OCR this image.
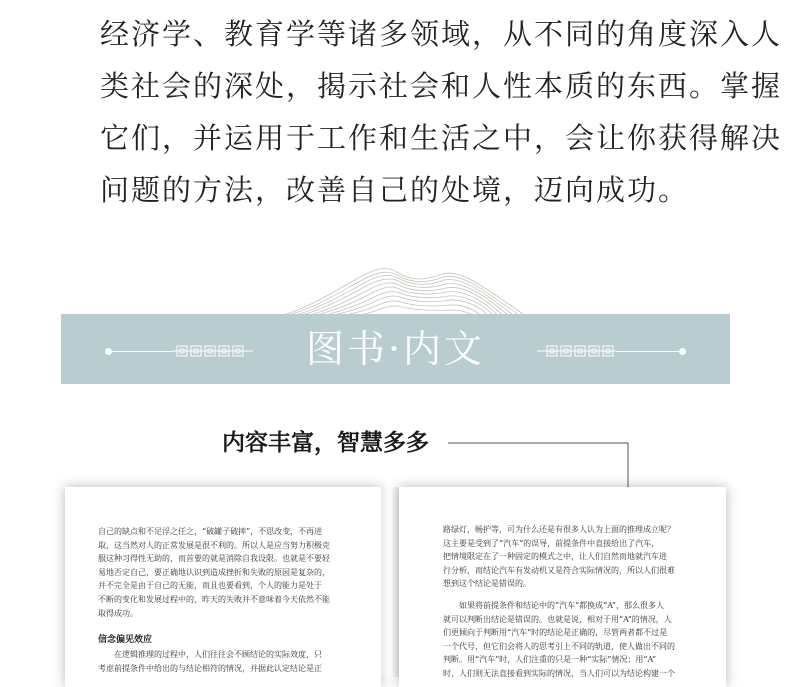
经济学、教育学等诸多领域，从不同的角度深入人
类社会的深处，揭示社会和人性本质的东西。掌握
它们，并运用于工作和生活之中，会让你获得解决
问题的方法，改善自己的处境，迈向成功。
图书·内文
内容丰富，智慧多多
自己的缺点和不足浮之任之，“破罐子破摔”，不思改变，不再进
取，这当然对人的正常发展是很不利的。所以人是应当努力积极克
服这种习得性无助的，而首要的就是消除自我设限。也就是不要轻
易地否定自己，要正确地认识到造成挫折和失败的原因是复杂的，
并不完全是由于自己的无能，而且也要看到，个人的能力是处于
不断的变化和发展过程中的，昨天的失败并不意味着今天依然不能
取得成功。
信念偏见效应
在逻辑推理的过程中，人们往往会不顾结论的实际效度，只
考虑前提条件中给出的与结论相符的情况，并据此认定结论是正
路绿灯，畅护等，可为什么还是有很多人认为上面的推理成立呢？
这主要是受到了“汽车”的误导，前提条件中直接给出了汽车，
把情境限定在了一种固定的模式之中，让人们自然而地就汽车进
行分析，而结论汽车有发动机又是符合实际情况的，所以人们很难
想到这个结论是错误的。
如果将前提条件和结论中的“汽车”都换成“A”，那么很多人
就可以判断出结论是错误的。也就是说，相对于用“A”的情况，人
们更倾向于判断用“汽车”时的结论是正确的，尽管两者都不过是
一个代号，但它们会将人的思考引上不同的轨道，使人做出不同的
判断。用“汽车”时，人们注重的只是一种“实际”情况；用“A”
时，人们则无法直接看到实际的情况，当人们可以为结论构建一个
